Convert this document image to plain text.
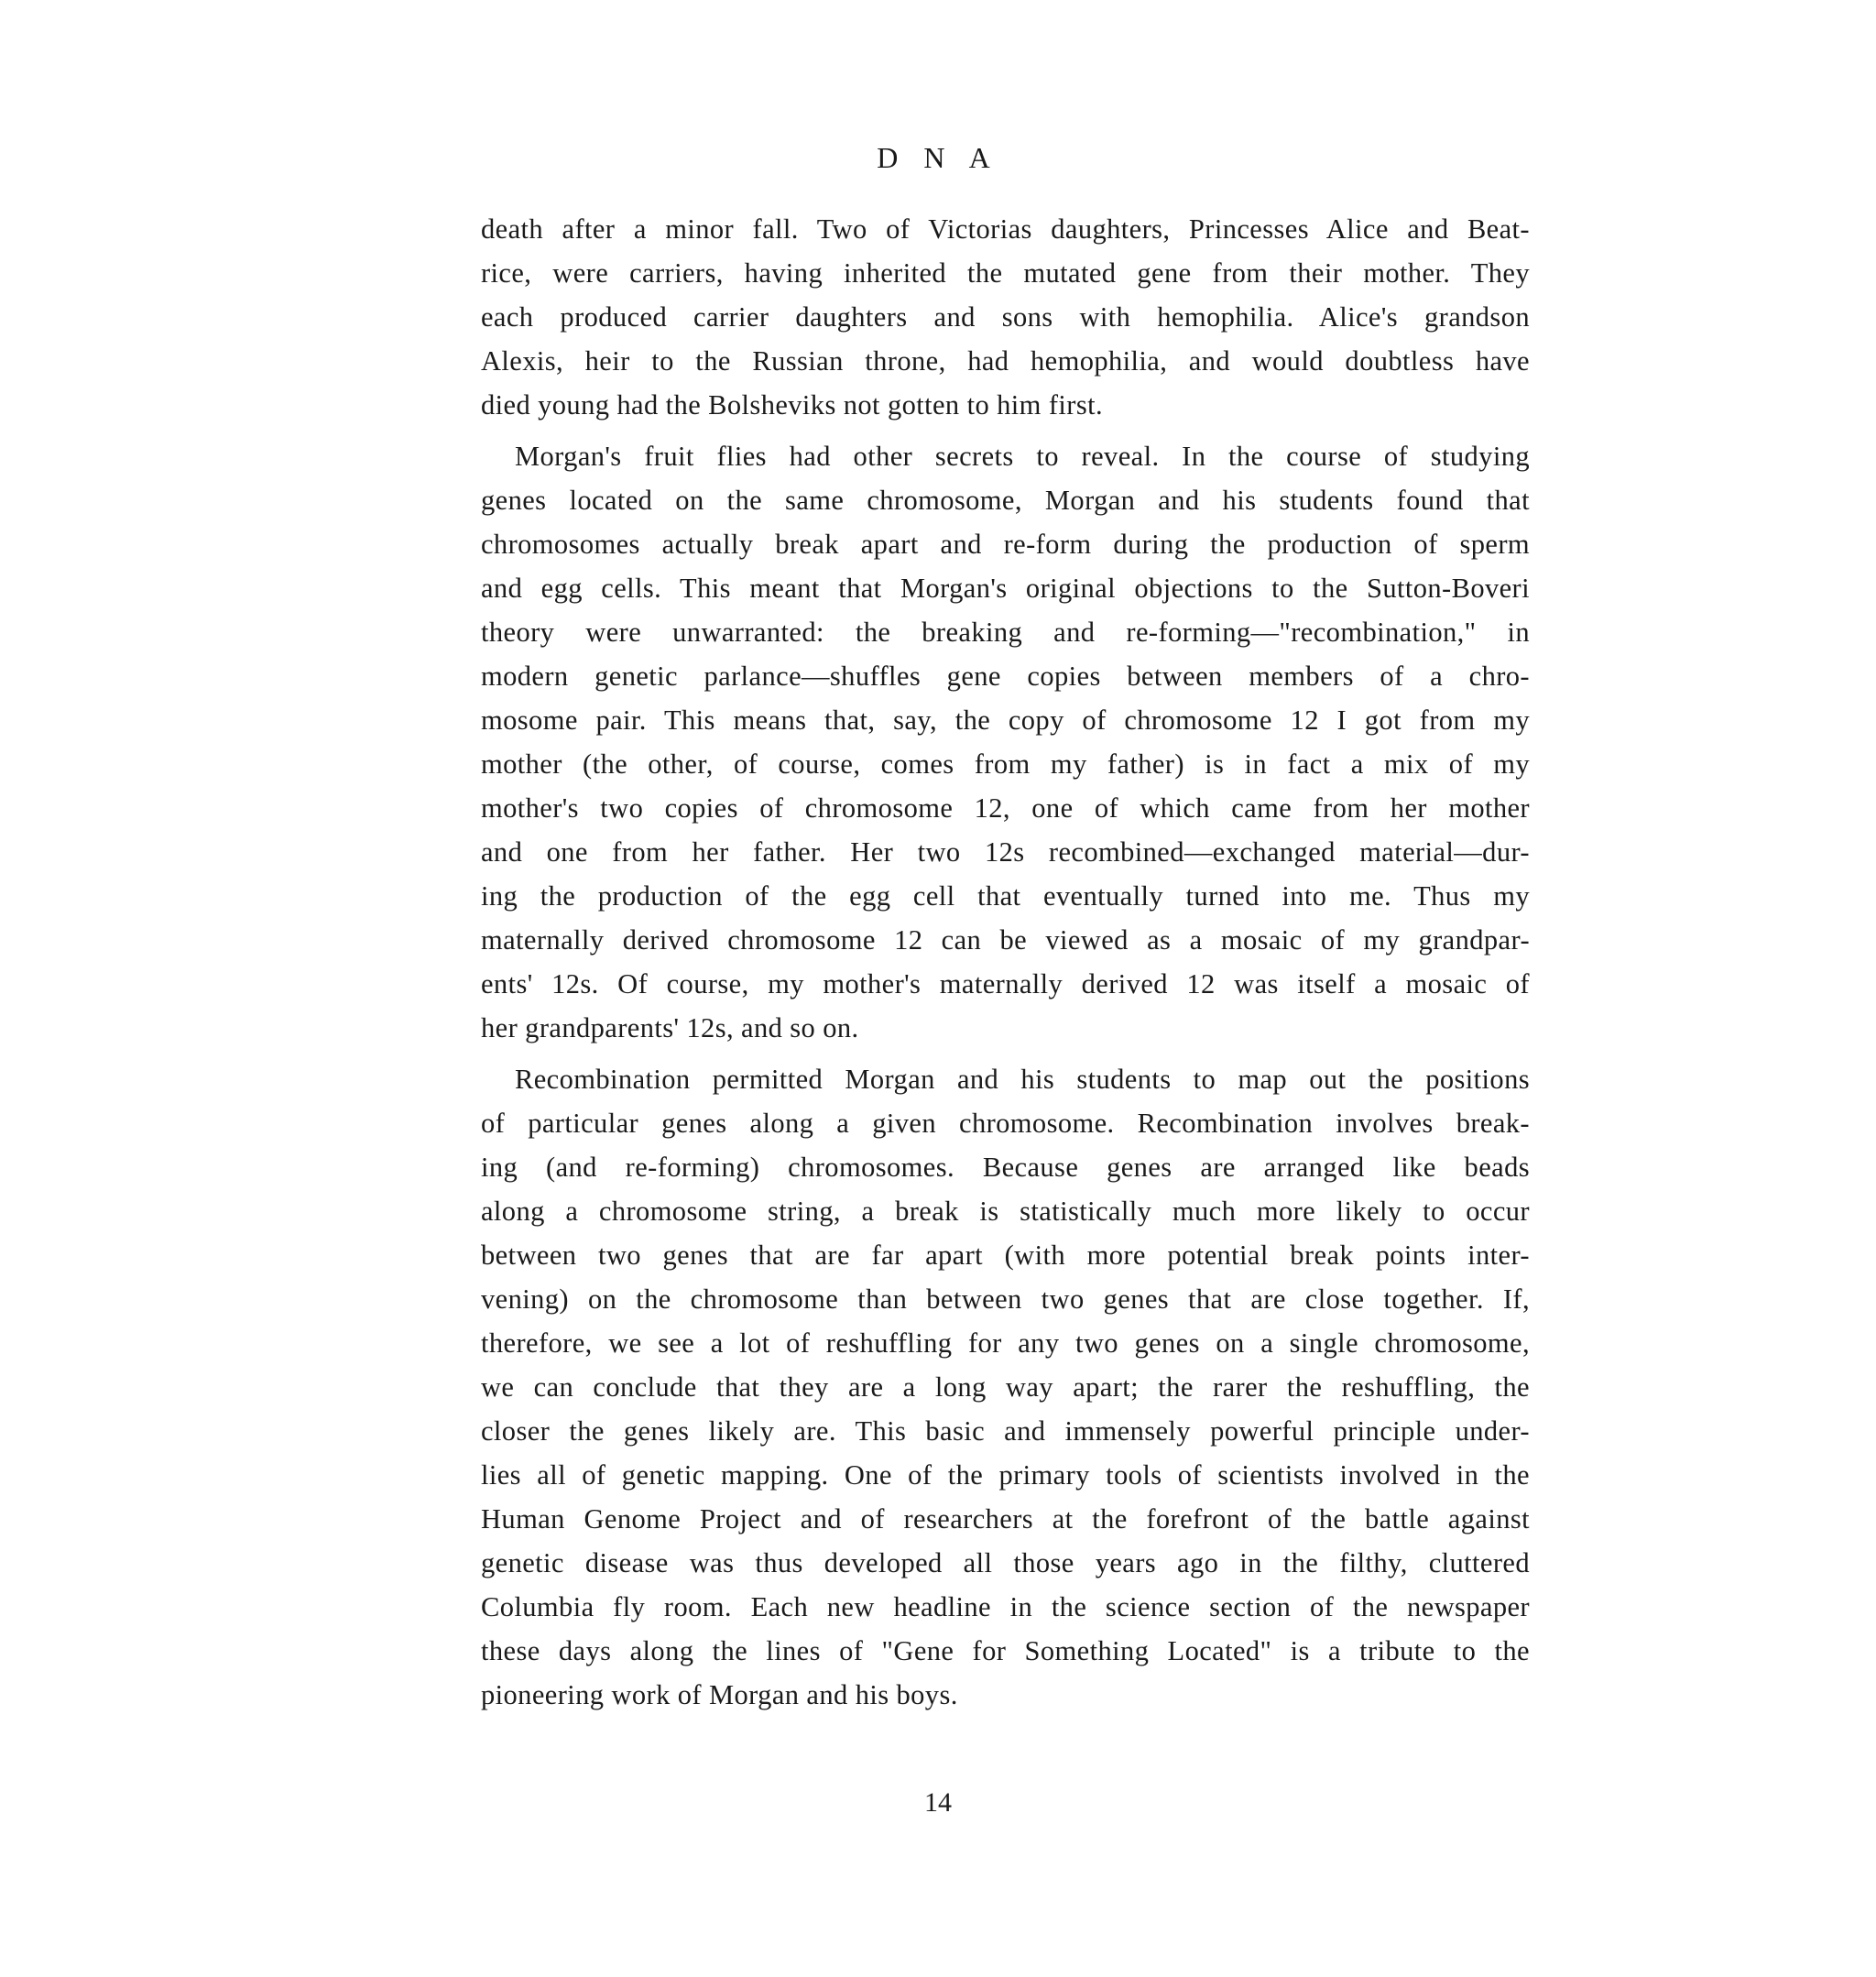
D N A
death after a minor fall. Two of Victorias daughters, Princesses Alice and Beat-
rice, were carriers, having inherited the mutated gene from their mother. They
each produced carrier daughters and sons with hemophilia. Alice's grandson
Alexis, heir to the Russian throne, had hemophilia, and would doubtless have
died young had the Bolsheviks not gotten to him first.
Morgan's fruit flies had other secrets to reveal. In the course of studying
genes located on the same chromosome, Morgan and his students found that
chromosomes actually break apart and re-form during the production of sperm
and egg cells. This meant that Morgan's original objections to the Sutton-Boveri
theory were unwarranted: the breaking and re-forming—"recombination," in
modern genetic parlance—shuffles gene copies between members of a chro-
mosome pair. This means that, say, the copy of chromosome 12 I got from my
mother (the other, of course, comes from my father) is in fact a mix of my
mother's two copies of chromosome 12, one of which came from her mother
and one from her father. Her two 12s recombined—exchanged material—dur-
ing the production of the egg cell that eventually turned into me. Thus my
maternally derived chromosome 12 can be viewed as a mosaic of my grandpar-
ents' 12s. Of course, my mother's maternally derived 12 was itself a mosaic of
her grandparents' 12s, and so on.
Recombination permitted Morgan and his students to map out the positions
of particular genes along a given chromosome. Recombination involves break-
ing (and re-forming) chromosomes. Because genes are arranged like beads
along a chromosome string, a break is statistically much more likely to occur
between two genes that are far apart (with more potential break points inter-
vening) on the chromosome than between two genes that are close together. If,
therefore, we see a lot of reshuffling for any two genes on a single chromosome,
we can conclude that they are a long way apart; the rarer the reshuffling, the
closer the genes likely are. This basic and immensely powerful principle under-
lies all of genetic mapping. One of the primary tools of scientists involved in the
Human Genome Project and of researchers at the forefront of the battle against
genetic disease was thus developed all those years ago in the filthy, cluttered
Columbia fly room. Each new headline in the science section of the newspaper
these days along the lines of "Gene for Something Located" is a tribute to the
pioneering work of Morgan and his boys.
14
